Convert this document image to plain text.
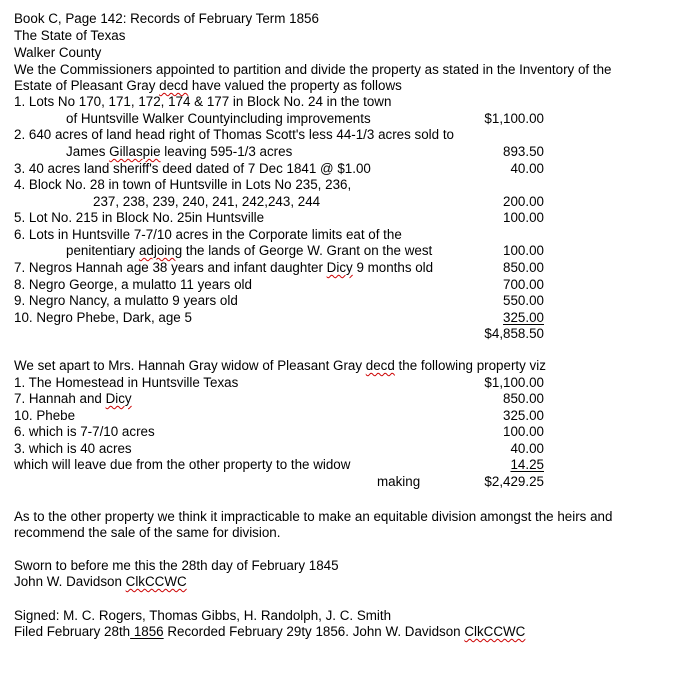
Book C, Page 142: Records of February Term 1856
The State of Texas
Walker County
We the Commissioners appointed to partition and divide the property as stated in the Inventory of the
Estate of Pleasant Gray decd have valued the property as follows
1. Lots No 170, 171, 172, 174 & 177 in Block No. 24 in the town
of Huntsville Walker Countyincluding improvements	$1,100.00
2. 640 acres of land head right of Thomas Scott's less 44-1/3 acres sold to
James Gillaspie leaving 595-1/3 acres	893.50
3. 40 acres land sheriff's deed dated of 7 Dec 1841 @ $1.00	40.00
4. Block No. 28 in town of Huntsville in Lots No 235, 236,
237, 238, 239, 240, 241, 242,243, 244	200.00
5. Lot No. 215 in Block No. 25in Huntsville	100.00
6. Lots in Huntsville 7-7/10 acres in the Corporate limits eat of the
penitentiary adjoing the lands of George W. Grant on the west	100.00
7. Negros Hannah age 38 years and infant daughter Dicy 9 months old	850.00
8. Negro George, a mulatto 11 years old	700.00
9. Negro Nancy, a mulatto 9 years old	550.00
10. Negro Phebe, Dark, age 5	325.00
$4,858.50
We set apart to Mrs. Hannah Gray widow of Pleasant Gray decd the following property viz
1. The Homestead in Huntsville Texas	$1,100.00
7. Hannah and Dicy	850.00
10. Phebe	325.00
6. which is 7-7/10 acres	100.00
3. which is 40 acres	40.00
which will leave due from the other property to the widow	14.25
making	$2,429.25
As to the other property we think it impracticable to make an equitable division amongst the heirs and
recommend the sale of the same for division.
Sworn to before me this the 28th day of February 1845
John W. Davidson ClkCCWC
Signed: M. C. Rogers, Thomas Gibbs, H. Randolph, J. C. Smith
Filed February 28th 1856 Recorded February 29ty 1856. John W. Davidson ClkCCWC
